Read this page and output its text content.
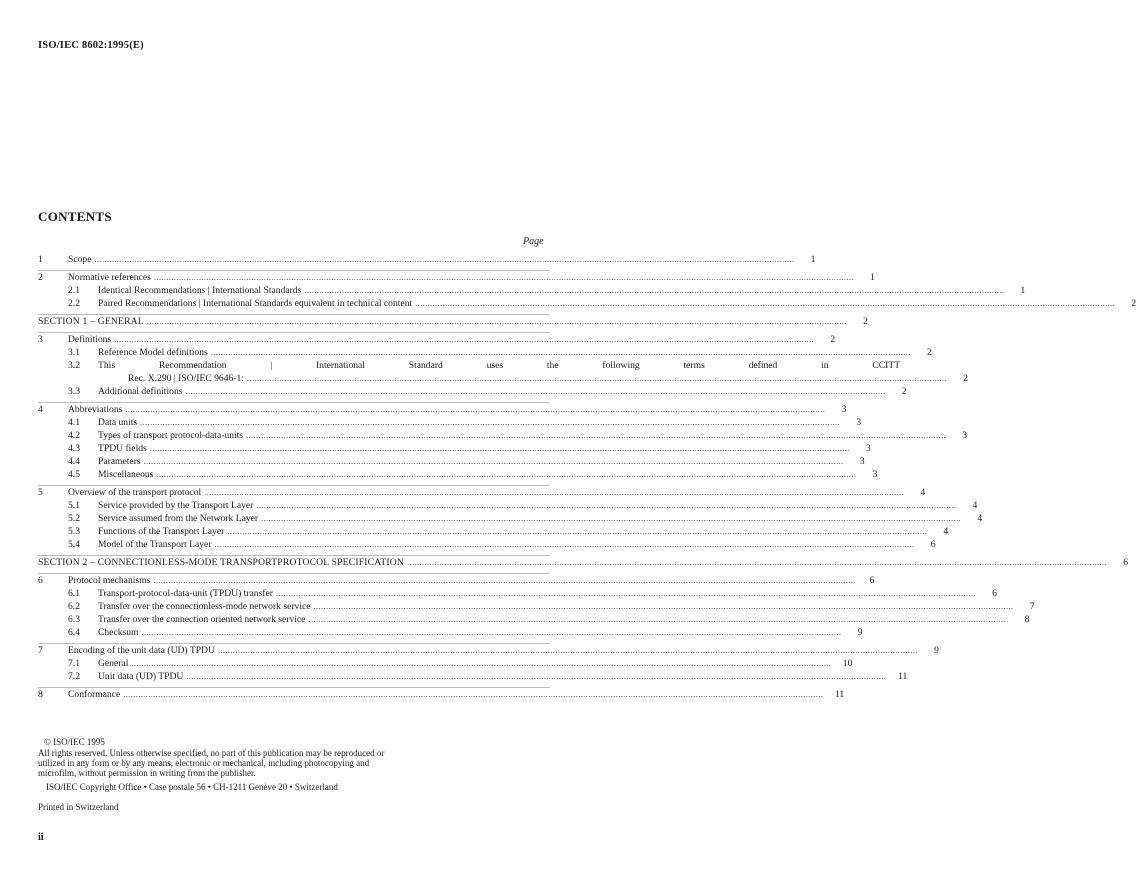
ISO/IEC 8602:1995(E)
CONTENTS
Page
1	Scope .....	1
2	Normative references .....	1
2.1	Identical Recommendations | International Standards .....	1
2.2	Paired Recommendations | International Standards equivalent in technical content .....	2
SECTION 1 – GENERAL .....	2
3	Definitions .....	2
3.1	Reference Model definitions .....	2
3.2	This	Recommendation	|	International	Standard	uses	the	following	terms	defined	in	CCITT
Rec. X.290 | ISO/IEC 9646-1: .....	2
3.3	Additional definitions .....	2
4	Abbreviations .....	3
4.1	Data units .....	3
4.2	Types of transport protocol-data-units .....	3
4.3	TPDU fields .....	3
4.4	Parameters .....	3
4.5	Miscellaneous .....	3
5	Overview of the transport protocol .....	4
5.1	Service provided by the Transport Layer .....	4
5.2	Service assumed from the Network Layer .....	4
5.3	Functions of the Transport Layer .....	4
5.4	Model of the Transport Layer .....	6
SECTION 2 – CONNECTIONLESS-MODE TRANSPORTPROTOCOL SPECIFICATION .....	6
6	Protocol mechanisms .....	6
6.1	Transport-protocol-data-unit (TPDU) transfer .....	6
6.2	Transfer over the connectionless-mode network service .....	7
6.3	Transfer over the connection oriented network service .....	8
6.4	Checksum .....	9
7	Encoding of the unit data (UD) TPDU .....	9
7.1	General .....	10
7.2	Unit data (UD) TPDU .....	11
8	Conformance .....	11
© ISO/IEC 1995
All rights reserved. Unless otherwise specified, no part of this publication may be reproduced or utilized in any form or by any means, electronic or mechanical, including photocopying and microfilm, without permission in writing from the publisher.
ISO/IEC Copyright Office • Case postale 56 • CH-1211 Genève 20 • Switzerland
Printed in Switzerland
ii
